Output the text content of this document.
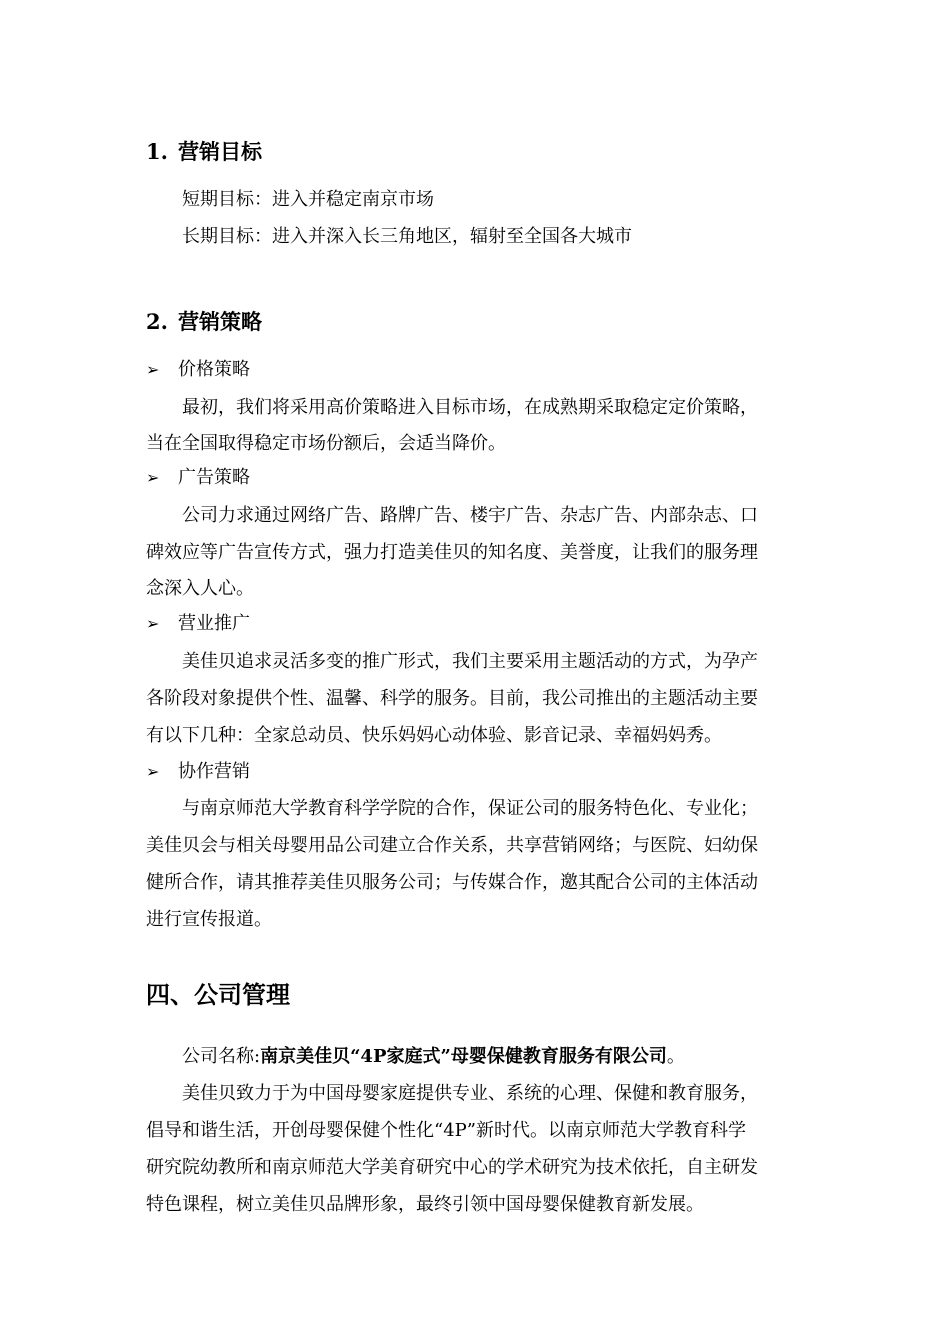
1. 营销目标
短期目标：进入并稳定南京市场
长期目标：进入并深入长三角地区，辐射至全国各大城市
2. 营销策略
➢ 价格策略
最初，我们将采用高价策略进入目标市场，在成熟期采取稳定定价策略，
当在全国取得稳定市场份额后，会适当降价。
➢ 广告策略
公司力求通过网络广告、路牌广告、楼宇广告、杂志广告、内部杂志、口
碑效应等广告宣传方式，强力打造美佳贝的知名度、美誉度，让我们的服务理
念深入人心。
➢ 营业推广
美佳贝追求灵活多变的推广形式，我们主要采用主题活动的方式，为孕产
各阶段对象提供个性、温馨、科学的服务。目前，我公司推出的主题活动主要
有以下几种：全家总动员、快乐妈妈心动体验、影音记录、幸福妈妈秀。
➢ 协作营销
与南京师范大学教育科学学院的合作，保证公司的服务特色化、专业化；
美佳贝会与相关母婴用品公司建立合作关系，共享营销网络；与医院、妇幼保
健所合作，请其推荐美佳贝服务公司；与传媒合作，邀其配合公司的主体活动
进行宣传报道。
四、公司管理
公司名称:南京美佳贝“4P家庭式”母婴保健教育服务有限公司。
美佳贝致力于为中国母婴家庭提供专业、系统的心理、保健和教育服务，
倡导和谐生活，开创母婴保健个性化“4P”新时代。以南京师范大学教育科学
研究院幼教所和南京师范大学美育研究中心的学术研究为技术依托，自主研发
特色课程，树立美佳贝品牌形象，最终引领中国母婴保健教育新发展。
